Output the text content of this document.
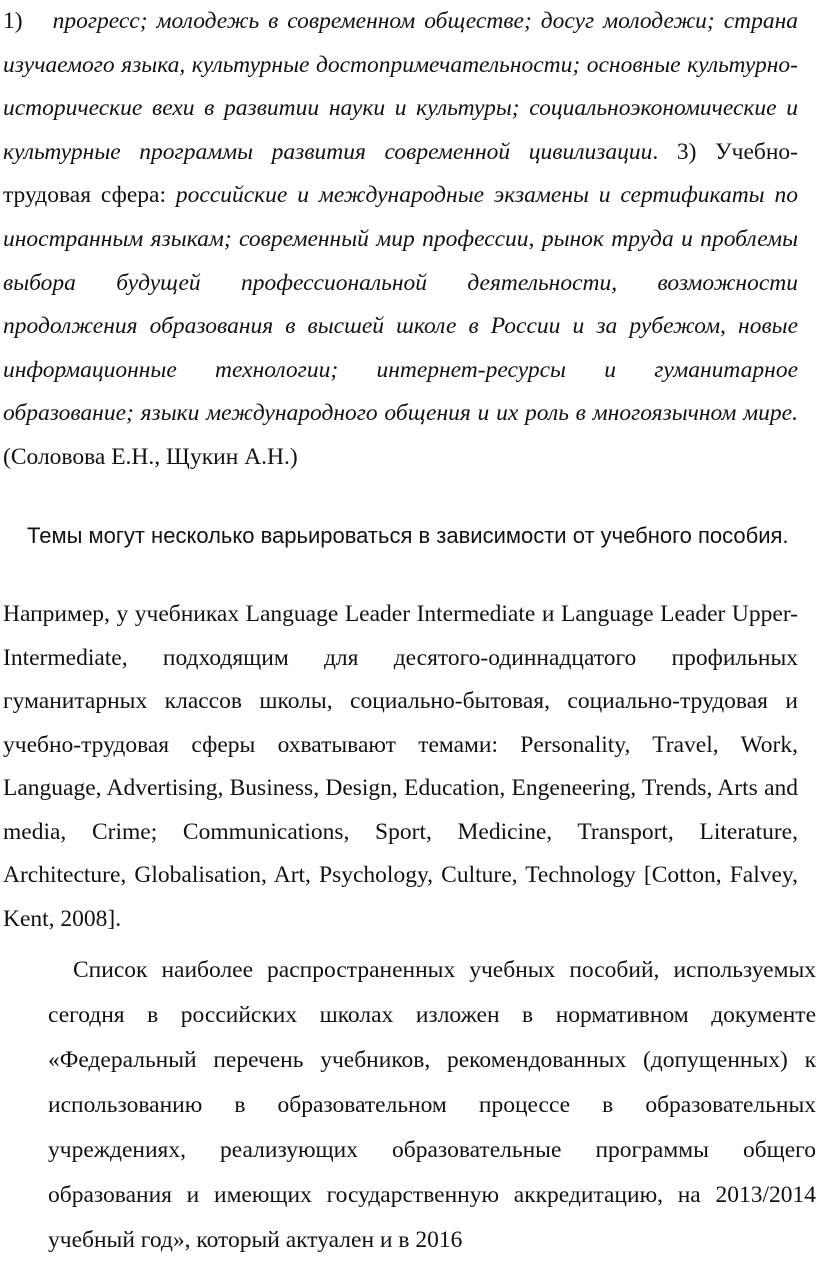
1) прогресс; молодежь в современном обществе; досуг молодежи; страна изучаемого языка, культурные достопримечательности; основные культурно-исторические вехи в развитии науки и культуры; социальноэкономические и культурные программы развития современной цивилизации. 3) Учебно-трудовая сфера: российские и международные экзамены и сертификаты по иностранным языкам; современный мир профессии, рынок труда и проблемы выбора будущей профессиональной деятельности, возможности продолжения образования в высшей школе в России и за рубежом, новые информационные технологии; интернет-ресурсы и гуманитарное образование; языки международного общения и их роль в многоязычном мире. (Соловова Е.Н., Щукин А.Н.)

Темы могут несколько варьироваться в зависимости от учебного пособия.

Например, у учебниках Language Leader Intermediate и Language Leader Upper-Intermediate, подходящим для десятого-одиннадцатого профильных гуманитарных классов школы, социально-бытовая, социально-трудовая и учебно-трудовая сферы охватывают темами: Personality, Travel, Work, Language, Advertising, Business, Design, Education, Engeneering, Trends, Arts and media, Crime; Communications, Sport, Medicine, Transport, Literature, Architecture, Globalisation, Art, Psychology, Culture, Technology [Cotton, Falvey, Kent, 2008].

Список наиболее распространенных учебных пособий, используемых сегодня в российских школах изложен в нормативном документе «Федеральный перечень учебников, рекомендованных (допущенных) к использованию в образовательном процессе в образовательных учреждениях, реализующих образовательные программы общего образования и имеющих государственную аккредитацию, на 2013/2014 учебный год», который актуален и в 2016
